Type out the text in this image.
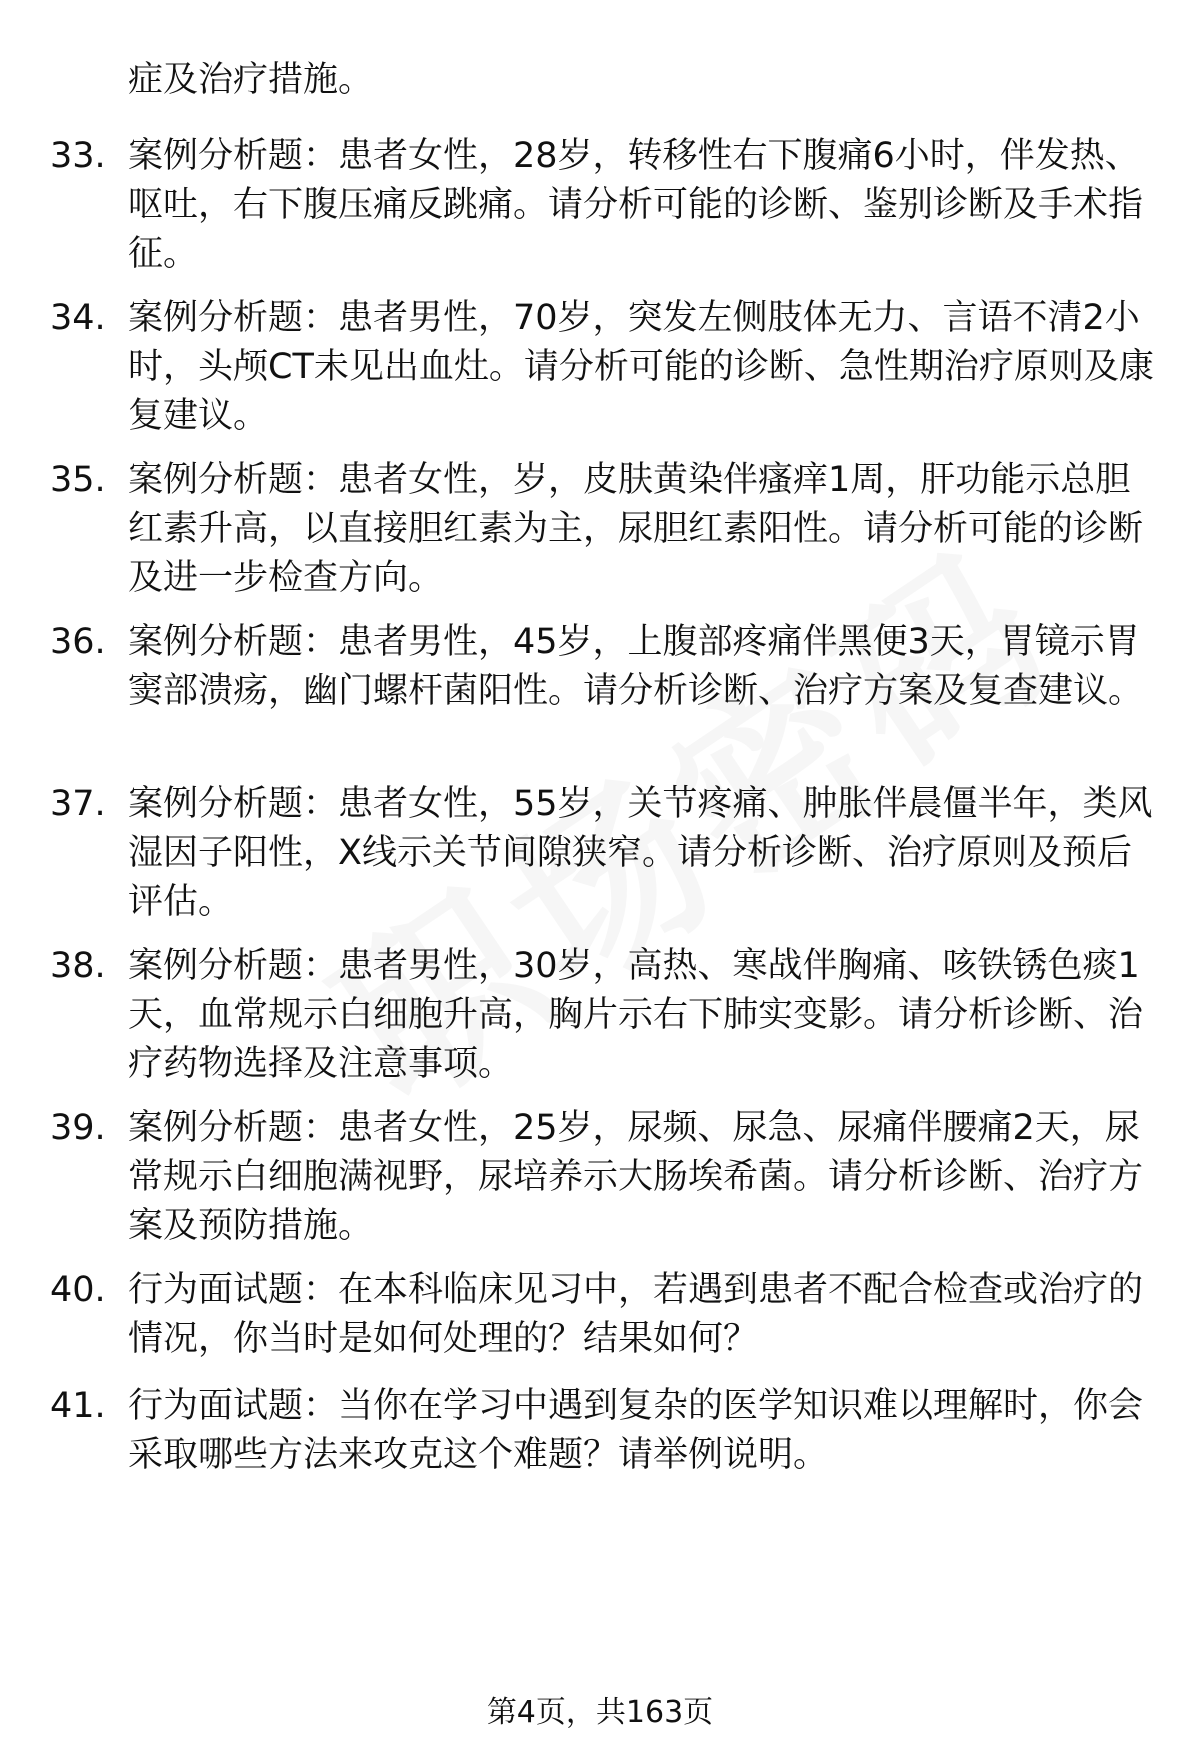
症及治疗措施。
33. 案例分析题：患者女性，28岁，转移性右下腹痛6小时，伴发热、呕吐，右下腹压痛反跳痛。请分析可能的诊断、鉴别诊断及手术指征。
34. 案例分析题：患者男性，70岁，突发左侧肢体无力、言语不清2小时，头颅CT未见出血灶。请分析可能的诊断、急性期治疗原则及康复建议。
35. 案例分析题：患者女性，岁，皮肤黄染伴瘙痒1周，肝功能示总胆红素升高，以直接胆红素为主，尿胆红素阳性。请分析可能的诊断及进一步检查方向。
36. 案例分析题：患者男性，45岁，上腹部疼痛伴黑便3天，胃镜示胃窦部溃疡，幽门螺杆菌阳性。请分析诊断、治疗方案及复查建议。
37. 案例分析题：患者女性，55岁，关节疼痛、肿胀伴晨僵半年，类风湿因子阳性，X线示关节间隙狭窄。请分析诊断、治疗原则及预后评估。
38. 案例分析题：患者男性，30岁，高热、寒战伴胸痛、咳铁锈色痰1天，血常规示白细胞升高，胸片示右下肺实变影。请分析诊断、治疗药物选择及注意事项。
39. 案例分析题：患者女性，25岁，尿频、尿急、尿痛伴腰痛2天，尿常规示白细胞满视野，尿培养示大肠埃希菌。请分析诊断、治疗方案及预防措施。
40. 行为面试题：在本科临床见习中，若遇到患者不配合检查或治疗的情况，你当时是如何处理的？结果如何？
41. 行为面试题：当你在学习中遇到复杂的医学知识难以理解时，你会采取哪些方法来攻克这个难题？请举例说明。
第4页，共163页
